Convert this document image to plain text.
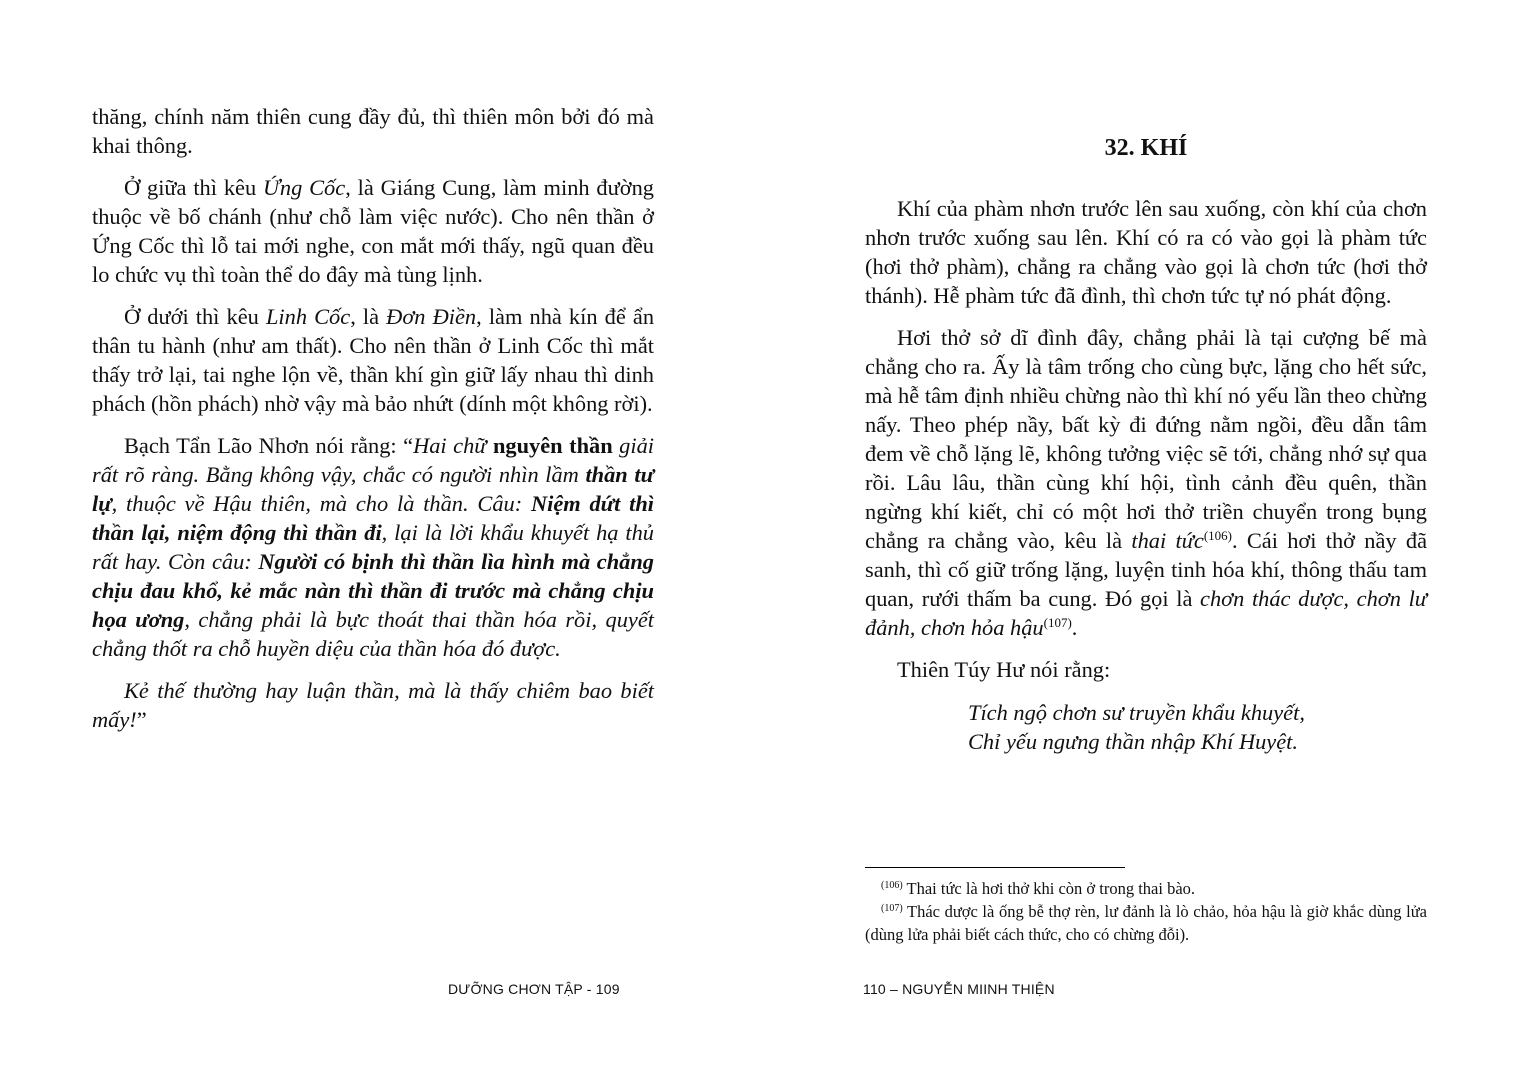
thăng, chính năm thiên cung đầy đủ, thì thiên môn bởi đó mà khai thông.

Ở giữa thì kêu Ứng Cốc, là Giáng Cung, làm minh đường thuộc về bố chánh (như chỗ làm việc nước). Cho nên thần ở Ứng Cốc thì lỗ tai mới nghe, con mắt mới thấy, ngũ quan đều lo chức vụ thì toàn thể do đây mà tùng lịnh.

Ở dưới thì kêu Linh Cốc, là Đơn Điền, làm nhà kín để ẩn thân tu hành (như am thất). Cho nên thần ở Linh Cốc thì mắt thấy trở lại, tai nghe lộn về, thần khí gìn giữ lấy nhau thì dinh phách (hồn phách) nhờ vậy mà bảo nhứt (dính một không rời).

Bạch Tẩn Lão Nhơn nói rằng: “Hai chữ nguyên thần giải rất rõ ràng. Bằng không vậy, chắc có người nhìn lầm thần tư lự, thuộc về Hậu thiên, mà cho là thần. Câu: Niệm dứt thì thần lại, niệm động thì thần đi, lại là lời khẩu khuyết hạ thủ rất hay. Còn câu: Người có bịnh thì thần lìa hình mà chẳng chịu đau khổ, kẻ mắc nàn thì thần đi trước mà chẳng chịu họa ương, chẳng phải là bực thoát thai thần hóa rồi, quyết chẳng thốt ra chỗ huyền diệu của thần hóa đó được.

Kẻ thế thường hay luận thần, mà là thấy chiêm bao biết mấy!”

DƯỠNG CHƠN TẬP - 109
32. KHÍ

Khí của phàm nhơn trước lên sau xuống, còn khí của chơn nhơn trước xuống sau lên. Khí có ra có vào gọi là phàm tức (hơi thở phàm), chẳng ra chẳng vào gọi là chơn tức (hơi thở thánh). Hễ phàm tức đã đình, thì chơn tức tự nó phát động.

Hơi thở sở dĩ đình đây, chẳng phải là tại cượng bế mà chẳng cho ra. Ấy là tâm trống cho cùng bực, lặng cho hết sức, mà hễ tâm định nhiều chừng nào thì khí nó yếu lần theo chừng nấy. Theo phép nầy, bất kỳ đi đứng nằm ngồi, đều dẫn tâm đem về chỗ lặng lẽ, không tưởng việc sẽ tới, chẳng nhớ sự qua rồi. Lâu lâu, thần cùng khí hội, tình cảnh đều quên, thần ngừng khí kiết, chỉ có một hơi thở triền chuyển trong bụng chẳng ra chẳng vào, kêu là thai tức$^{(106)}$. Cái hơi thở nầy đã sanh, thì cố giữ trống lặng, luyện tinh hóa khí, thông thấu tam quan, rưới thấm ba cung. Đó gọi là chơn thác dược, chơn lư đảnh, chơn hỏa hậu$^{(107)}$.

Thiên Túy Hư nói rằng:

Tích ngộ chơn sư truyền khẩu khuyết,
Chỉ yếu ngưng thần nhập Khí Huyệt.

$^{(106)}$ Thai tức là hơi thở khi còn ở trong thai bào.

$^{(107)}$ Thác dược là ống bễ thợ rèn, lư đảnh là lò chảo, hỏa hậu là giờ khắc dùng lửa (dùng lửa phải biết cách thức, cho có chừng đỗi).

110 – NGUYỄN MIINH THIỆN
